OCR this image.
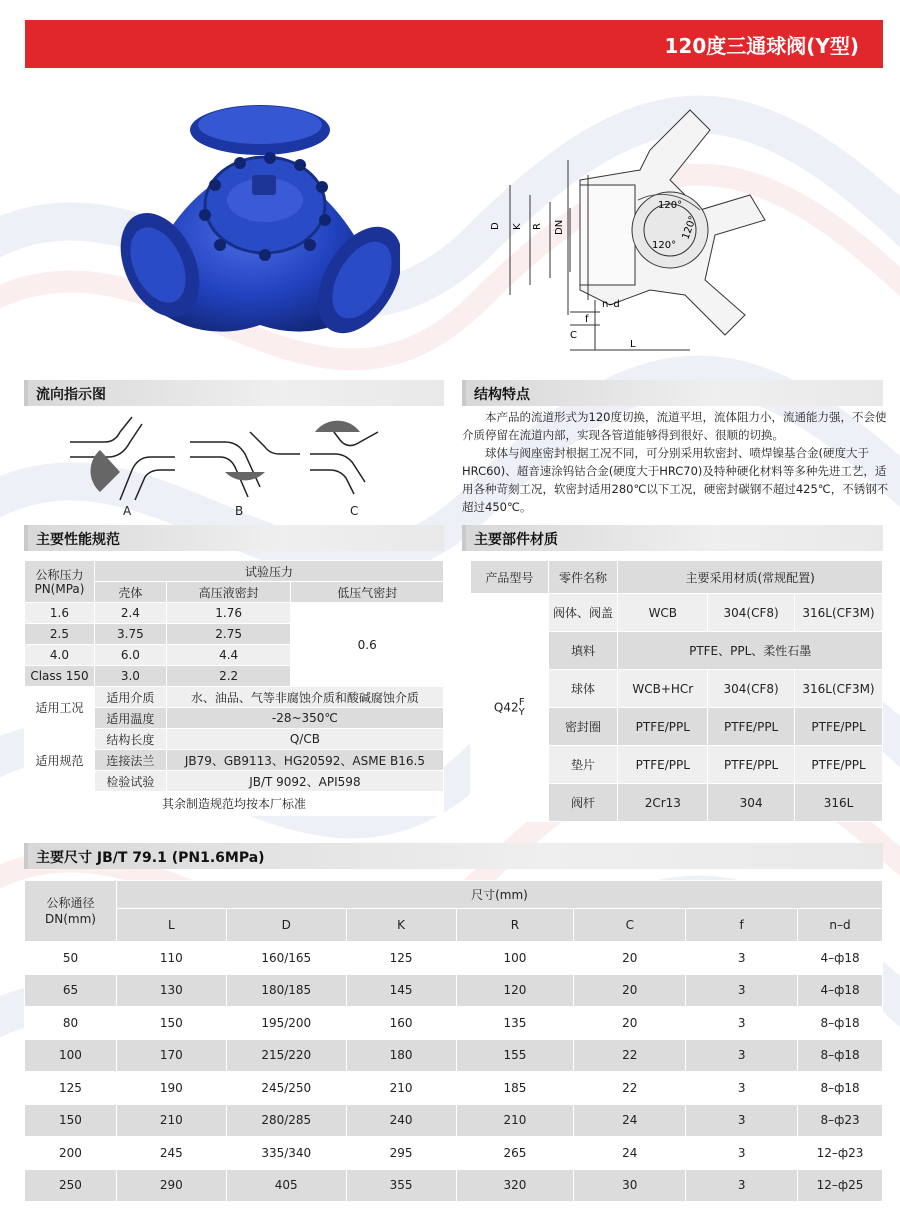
120度三通球阀(Y型)
D K R DN
120°
120°
120°
n–d
f
C
L
流向指示图	结构特点
主要性能规范	主要部件材质
主要尺寸 JB/T 79.1 (PN1.6MPa)
A	B	C

本产品的流道形式为120度切换，流道平坦，流体阻力小，流通能力强，不会使介质停留在流道内部，实现各管道能够得到很好、很顺的切换。

球体与阀座密封根据工况不同，可分别采用软密封、喷焊镍基合金(硬度大于HRC60)、超音速涂钨钴合金(硬度大于HRC70)及特种硬化材料等多种先进工艺，适用各种苛刻工况，软密封适用280℃以下工况，硬密封碳钢不超过425℃，不锈钢不超过450℃。

公称压力
PN(MPa)	试验压力		
	壳体	高压液密封	低压气密封
1.6	2.4	1.76	0.6
2.5	3.75	2.75	
4.0	6.0	4.4	
Class 150	3.0	2.2	
适用工况	适用介质	水、油品、气等非腐蚀介质和酸碱腐蚀介质	
	适用温度	-28~350℃	
适用规范	结构长度	Q/CB	
	连接法兰	JB79、GB9113、HG20592、ASME B16.5	
	检验试验	JB/T 9092、API598	
其余制造规范均按本厂标准			
产品型号	零件名称	主要采用材质(常规配置)		
Q42 F
Y	阀体、阀盖	WCB	304(CF8)	316L(CF3M)
	填料	PTFE、PPL、柔性石墨		
	球体	WCB+HCr	304(CF8)	316L(CF3M)
	密封圈	PTFE/PPL	PTFE/PPL	PTFE/PPL
	垫片	PTFE/PPL	PTFE/PPL	PTFE/PPL
	阀杆	2Cr13	304	316L
公称通径
DN(mm)	尺寸(mm)						
	L	D	K	R	C	f	n–d
50	110	160/165	125	100	20	3	4–ф18
65	130	180/185	145	120	20	3	4–ф18
80	150	195/200	160	135	20	3	8–ф18
100	170	215/220	180	155	22	3	8–ф18
125	190	245/250	210	185	22	3	8–ф18
150	210	280/285	240	210	24	3	8–ф23
200	245	335/340	295	265	24	3	12–ф23
250	290	405	355	320	30	3	12–ф25
